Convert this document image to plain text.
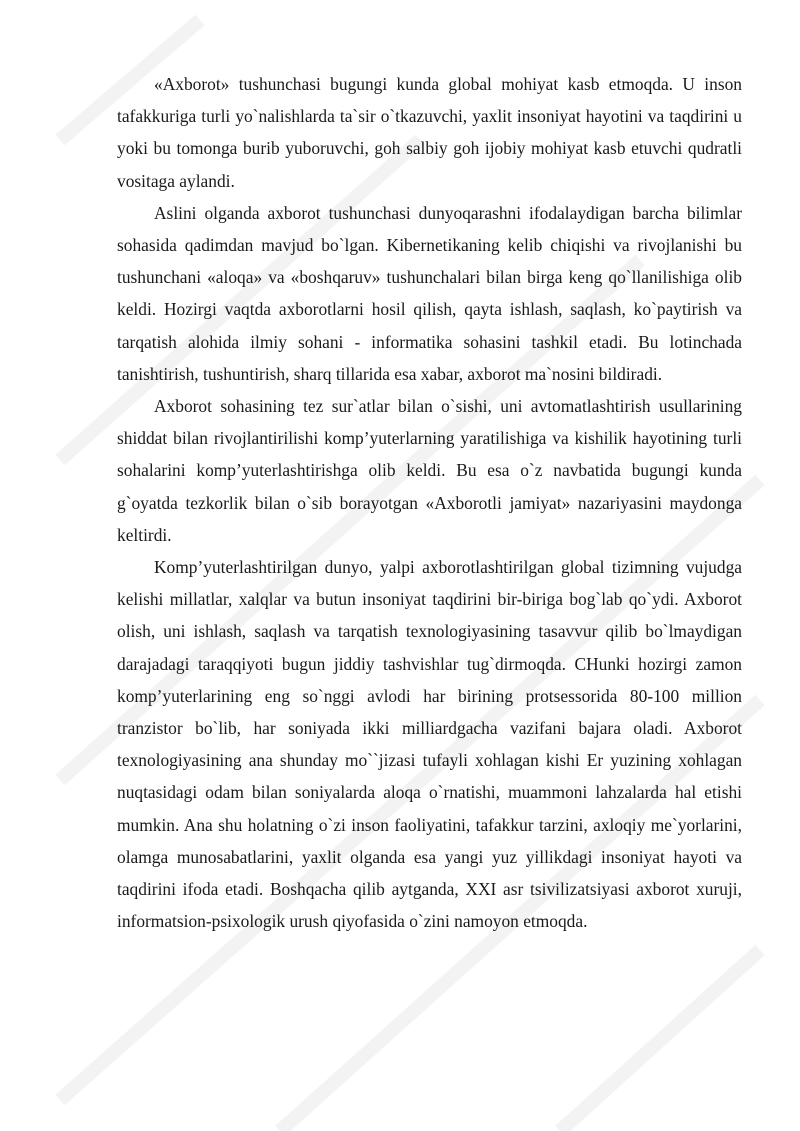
«Axborot» tushunchasi bugungi kunda global mohiyat kasb etmoqda. U inson tafakkuriga turli yo`nalishlarda ta`sir o`tkazuvchi, yaxlit insoniyat hayotini va taqdirini u yoki bu tomonga burib yuboruvchi, goh salbiy goh ijobiy mohiyat kasb etuvchi qudratli vositaga aylandi.

Aslini olganda axborot tushunchasi dunyoqarashni ifodalaydigan barcha bilimlar sohasida qadimdan mavjud bo`lgan. Kibernetikaning kelib chiqishi va rivojlanishi bu tushunchani «aloqa» va «boshqaruv» tushunchalari bilan birga keng qo`llanilishiga olib keldi. Hozirgi vaqtda axborotlarni hosil qilish, qayta ishlash, saqlash, ko`paytirish va tarqatish alohida ilmiy sohani - informatika sohasini tashkil etadi. Bu lotinchada tanishtirish, tushuntirish, sharq tillarida esa xabar, axborot ma`nosini bildiradi.

Axborot sohasining tez sur`atlar bilan o`sishi, uni avtomatlashtirish usullarining shiddat bilan rivojlantirilishi komp’yuterlarning yaratilishiga va kishilik hayotining turli sohalarini komp’yuterlashtirishga olib keldi. Bu esa o`z navbatida bugungi kunda g`oyatda tezkorlik bilan o`sib borayotgan «Axborotli jamiyat» nazariyasini maydonga keltirdi.

Komp’yuterlashtirilgan dunyo, yalpi axborotlashtirilgan global tizimning vujudga kelishi millatlar, xalqlar va butun insoniyat taqdirini bir-biriga bog`lab qo`ydi. Axborot olish, uni ishlash, saqlash va tarqatish texnologiyasining tasavvur qilib bo`lmaydigan darajadagi taraqqiyoti bugun jiddiy tashvishlar tug`dirmoqda. CHunki hozirgi zamon komp’yuterlarining eng so`nggi avlodi har birining protsessorida 80-100 million tranzistor bo`lib, har soniyada ikki milliardgacha vazifani bajara oladi. Axborot texnologiyasining ana shunday mo``jizasi tufayli xohlagan kishi Er yuzining xohlagan nuqtasidagi odam bilan soniyalarda aloqa o`rnatishi, muammoni lahzalarda hal etishi mumkin. Ana shu holatning o`zi inson faoliyatini, tafakkur tarzini, axloqiy me`yorlarini, olamga munosabatlarini, yaxlit olganda esa yangi yuz yillikdagi insoniyat hayoti va taqdirini ifoda etadi. Boshqacha qilib aytganda, XXI asr tsivilizatsiyasi axborot xuruji, informatsion-psixologik urush qiyofasida o`zini namoyon etmoqda.
